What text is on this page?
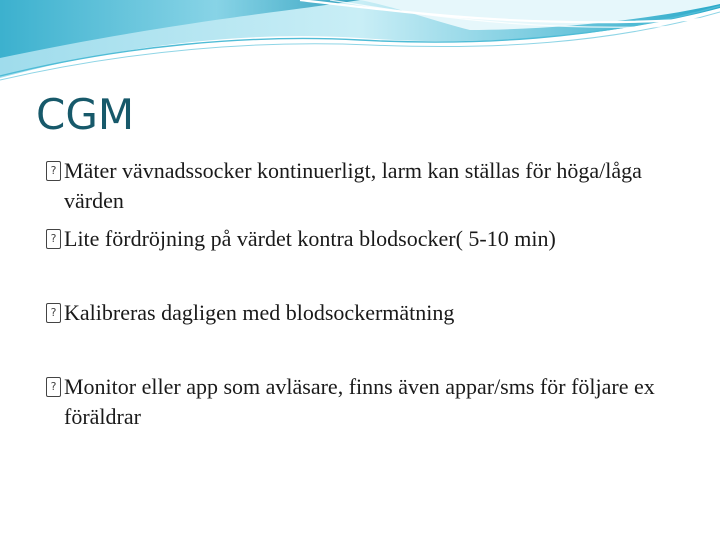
CGM
? Mäter vävnadssocker kontinuerligt, larm kan ställas för höga/låga värden
? Lite fördröjning på värdet kontra blodsocker( 5-10 min)
? Kalibreras dagligen med blodsockermätning
? Monitor eller app som avläsare, finns även appar/sms för följare ex föräldrar
